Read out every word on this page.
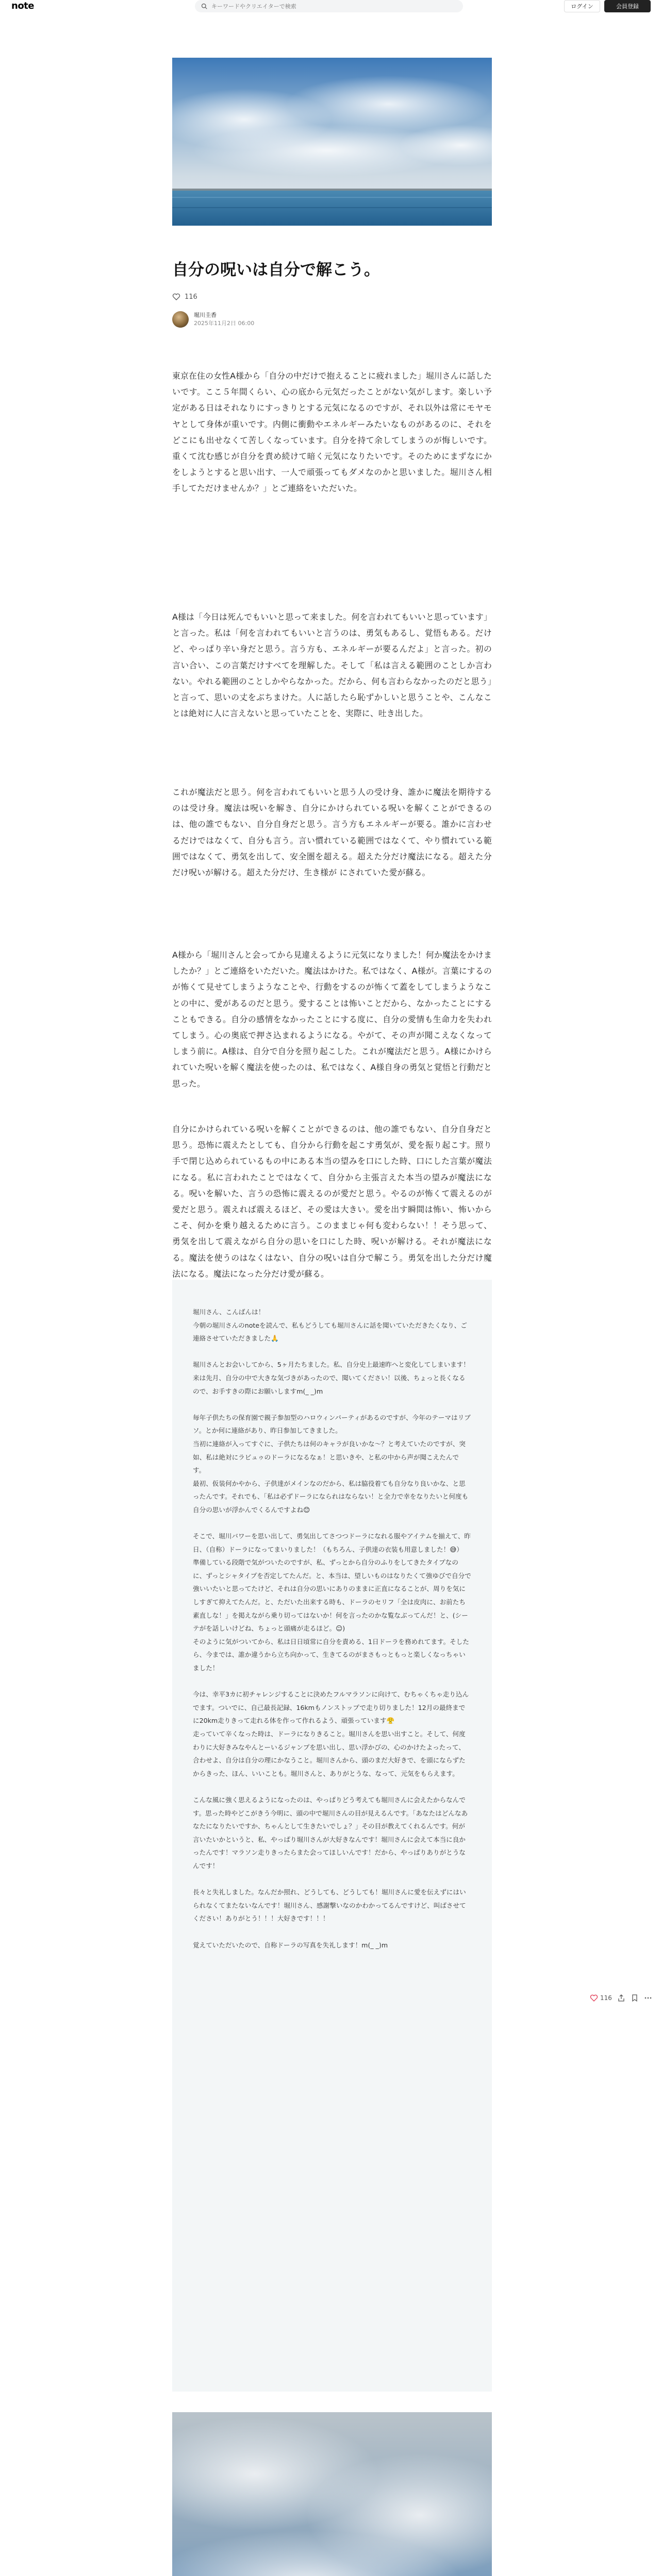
note
キーワードやクリエイターで検索	ログイン	会員登録
自分の呪いは自分で解こう。
116
堀川圭香
2025年11月2日 06:00

東京在住の女性A様から「自分の中だけで抱えることに疲れました」堀川さんに話したいです。ここ５年間くらい、心の底から元気だったことがない気がします。楽しい予定がある日はそれなりにすっきりとする元気になるのですが、それ以外は常にモヤモヤとして身体が重いです。内側に衝動やエネルギーみたいなものがあるのに、それをどこにも出せなくて苦しくなっています。自分を持て余してしまうのが悔しいです。重くて沈む感じが自分を責め続けて暗く元気になりたいです。そのためにまずなにかをしようとすると思い出す、一人で頑張ってもダメなのかと思いました。堀川さん相手してただけませんか？」とご連絡をいただいた。

A様は「今日は死んでもいいと思って来ました。何を言われてもいいと思っています」と言った。私は「何を言われてもいいと言うのは、勇気もあるし、覚悟もある。だけど、やっぱり辛い身だと思う。言う方も、エネルギーが要るんだよ」と言った。初の言い合い、この言葉だけすべてを理解した。そして「私は言える範囲のことしか言わない。やれる範囲のことしかやらなかった。だから、何も言わらなかったのだと思う」と言って、思いの丈をぶちまけた。人に話したら恥ずかしいと思うことや、こんなことは絶対に人に言えないと思っていたことを、実際に、吐き出した。

これが魔法だと思う。何を言われてもいいと思う人の受け身、誰かに魔法を期待するのは受け身。魔法は呪いを解き、自分にかけられている呪いを解くことができるのは、他の誰でもない、自分自身だと思う。言う方もエネルギーが要る。誰かに言わせるだけではなくて、自分も言う。言い慣れている範囲ではなくて、やり慣れている範囲ではなくて、勇気を出して、安全圏を超える。超えた分だけ魔法になる。超えた分だけ呪いが解ける。超えた分だけ、生き様が にされていた愛が蘇る。

A様から「堀川さんと会ってから見違えるように元気になりました！何か魔法をかけましたか？」とご連絡をいただいた。魔法はかけた。私ではなく、A様が。言葉にするのが怖くて見せてしまうようなことや、行動をするのが怖くて蓋をしてしまうようなことの中に、愛があるのだと思う。愛することは怖いことだから、なかったことにすることもできる。自分の感情をなかったことにする度に、自分の愛情も生命力を失われてしまう。心の奥底で押さ込まれるようになる。やがて、その声が聞こえなくなってしまう前に。A様は、自分で自分を照り起こした。これが魔法だと思う。A様にかけられていた呪いを解く魔法を使ったのは、私ではなく、A様自身の勇気と覚悟と行動だと思った。

自分にかけられている呪いを解くことができるのは、他の誰でもない、自分自身だと思う。恐怖に震えたとしても、自分から行動を起こす勇気が、愛を振り起こす。照り手で閉じ込められているもの中にある本当の望みを口にした時、口にした言葉が魔法になる。私に言われたことではなくて、自分から主張言えた本当の望みが魔法になる。呪いを解いた、言うの恐怖に震えるのが愛だと思う。やるのが怖くて震えるのが愛だと思う。震えれば震えるほど、その愛は大きい。愛を出す瞬間は怖い、怖いからこそ、何かを乗り越えるために言う。このままじゃ何も変わらない！！そう思って、勇気を出して震えながら自分の思いを口にした時、呪いが解ける。それが魔法になる。魔法を使うのはなくはない、自分の呪いは自分で解こう。勇気を出した分だけ魔法になる。魔法になった分だけ愛が蘇る。

堀川さん、こんばんは！
今朝の堀川さんのnoteを読んで、私もどうしても堀川さんに話を聞いていただきたくなり、ご連絡させていただきました🙏

堀川さんとお会いしてから、5ヶ月たちました。私、自分史上最速昨へと変化してしまいます！来は先月、自分の中で大きな気づきがあったので、聞いてください！以後、ちょっと長くなるので、お手すきの際にお願いしますm(_ _)m

毎年子供たちの保育園で親子参加型のハロウィンパーティがあるのですが、今年のテーマはリブソ。とか何に連絡があり、昨日参加してきました。
当初に連絡が入ってすぐに、子供たちは何のキャラが良いかな〜？と考えていたのですが、突如、私は絶対にラビュゥのドーラになるなぁ！と思いきや、と私の中から声が聞こえたんです。
最初、仮装何かやから、子供達がメインなのだから、私は脇役着ても自分なり良いかな、と思ったんです。それでも、「私は必ずドーラになられはならない！と全力で幸をなりたいと何度も自分の思いが浮かんでくるんですよね😊

そこで、堀川バワーを思い出して、勇気出してさつつドーラになれる服やアイテムを揃えて、昨日、（自称）ドーラになってまいりました！（もちろん、子供達の衣装も用意しました！😅）
準備している段階で気がついたのですが、私、ずっとから自分のふりをしてきたタイプなのに、ずっとシャタイプを否定してたんだ。と、本当は、望しいものはなりたくて強ゆびで自分で強いいたいと思ってたけど、それは自分の思いにありのままに正直になることが、周りを気にしすぎて抑えてたんだ。と、ただいた出来する時も、ドーラのセリフ「全は皮肉に、お前たち素直しな！」を掲えながら乗り切ってはないか！何を言ったのかな覧なぶってんだ！と、(シーテがを話しいけどね、ちょっと頭痛が走るほど。☺)
そのように気がついてから、私は日日頃常に自分を責める、1日ドーラを務めれてます。そしたら、今までは、誰か違うから立ち向かって、生きてるのがまさもっともっと楽しくなっちゃいました！

今は、幸平3カに初チャレンジすることに決めたフルマラソンに向けて、むちゃくちゃ走り込んでます。ついでに、自己最長記録、16kmもノンストップで走り切りました！12月の最終までに20km走りきって走れる体を作って作れるよう、頑張っています😤
走っていて辛くなった時は、ドーラになりきること。堀川さんを思い出すこと。そして、何度わりに大好きみなやんとーいるジャンプを思い出し、思い浮かびの、心のかけたよったって、合わせよ、自分は自分の理にかなうこと。堀川さんから、頭のまだ大好きで、を頭にならずたからきった、ほん、いいことも。堀川さんと、ありがとうな、なって、元気をもらえます。

こんな風に強く思えるようになったのは、やっぱりどう考えても堀川さんに会えたからなんです。思った時やどこがきう今明に、頭の中で堀川さんの目が見えるんです。「あなたはどんなあなたになりたいですか、ちゃんとして生きたいでしょ？」その目が教えてくれるんです。何が言いたいかというと、私、やっぱり堀川さんが大好きなんです！堀川さんに会えて本当に良かったんです！マラソン走りきったらまた会ってほしいんです！だから、やっぱりありがとうなんです！

長々と失礼しました。なんだか照れ、どうしても、どうしても！堀川さんに愛を伝えずにはいられなくてまたないなんです！堀川さん、感謝撃いなのかわかってるんですけど、叫ばさせてください！ありがとう！！！大好きです！！！

覚えていただいたので、自称ドーラの写真を失礼します！m(_ _)m

116
